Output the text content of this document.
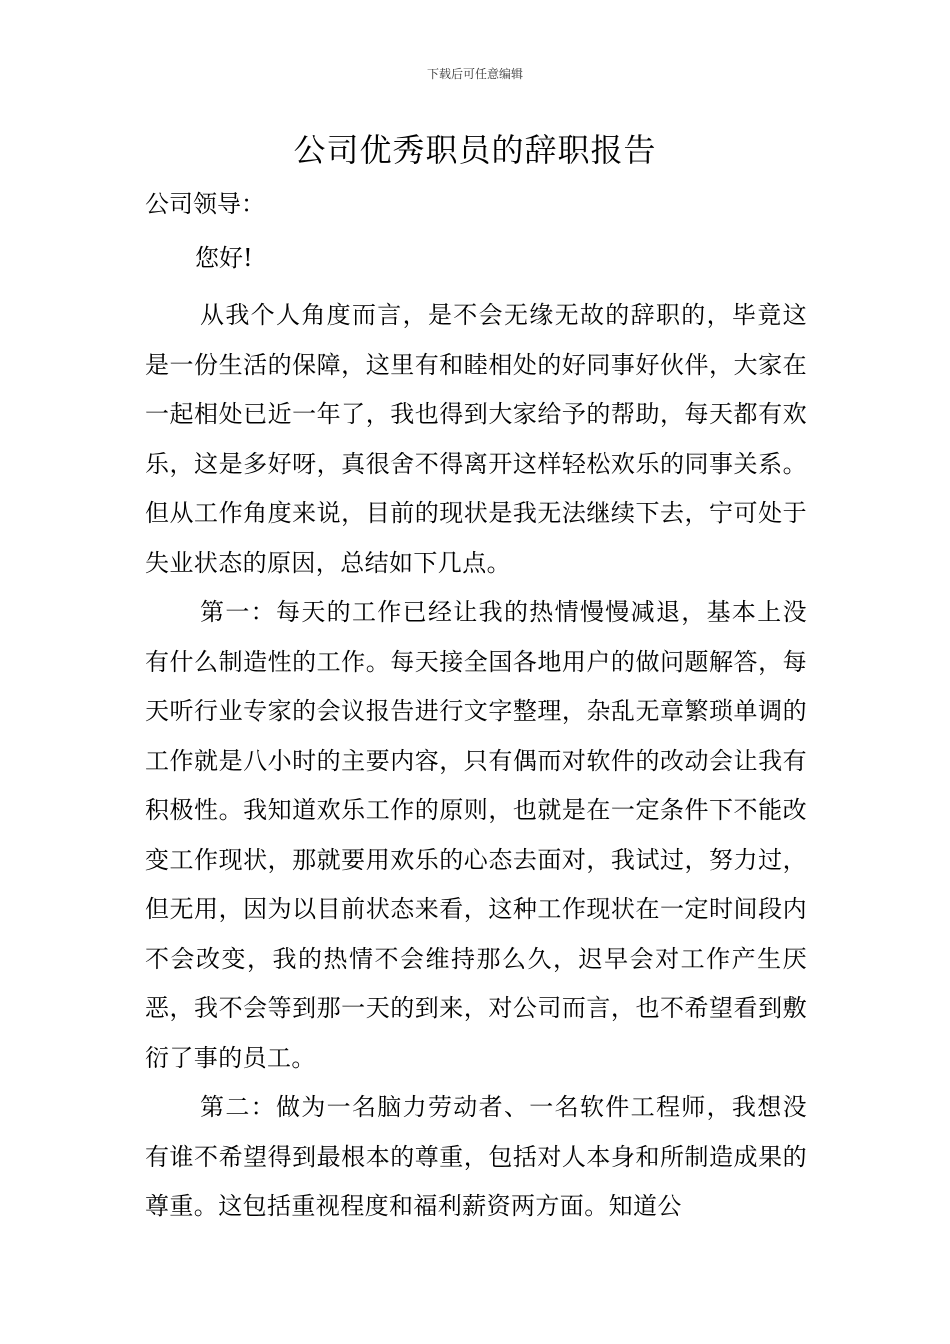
下载后可任意编辑
公司优秀职员的辞职报告

公司领导：

您好!

从我个人角度而言，是不会无缘无故的辞职的，毕竟这是一份生活的保障，这里有和睦相处的好同事好伙伴，大家在一起相处已近一年了，我也得到大家给予的帮助，每天都有欢乐，这是多好呀，真很舍不得离开这样轻松欢乐的同事关系。但从工作角度来说，目前的现状是我无法继续下去，宁可处于失业状态的原因，总结如下几点。

第一：每天的工作已经让我的热情慢慢减退，基本上没有什么制造性的工作。每天接全国各地用户的做问题解答，每天听行业专家的会议报告进行文字整理，杂乱无章繁琐单调的工作就是八小时的主要内容，只有偶而对软件的改动会让我有积极性。我知道欢乐工作的原则，也就是在一定条件下不能改变工作现状，那就要用欢乐的心态去面对，我试过，努力过，但无用，因为以目前状态来看，这种工作现状在一定时间段内不会改变，我的热情不会维持那么久，迟早会对工作产生厌恶，我不会等到那一天的到来，对公司而言，也不希望看到敷衍了事的员工。

第二：做为一名脑力劳动者、一名软件工程师，我想没有谁不希望得到最根本的尊重，包括对人本身和所制造成果的尊重。这包括重视程度和福利薪资两方面。知道公
